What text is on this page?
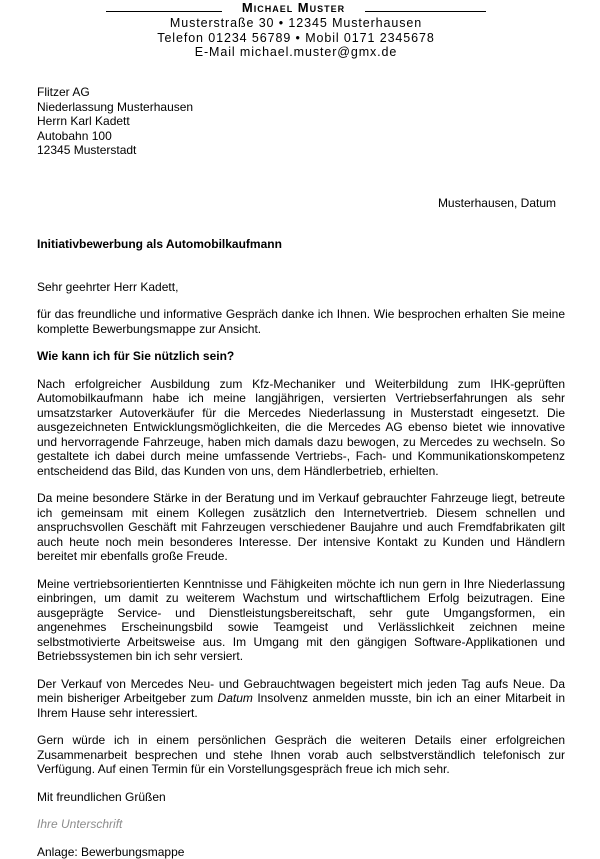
Michael Muster
Musterstraße 30 • 12345 Musterhausen
Telefon 01234 56789 • Mobil 0171 2345678
E-Mail michael.muster@gmx.de
Flitzer AG
Niederlassung Musterhausen
Herrn Karl Kadett
Autobahn 100
12345 Musterstadt
Musterhausen, Datum

Initiativbewerbung als Automobilkaufmann

Sehr geehrter Herr Kadett,

für das freundliche und informative Gespräch danke ich Ihnen. Wie besprochen erhalten Sie meine komplette Bewerbungsmappe zur Ansicht.

Wie kann ich für Sie nützlich sein?

Nach erfolgreicher Ausbildung zum Kfz-Mechaniker und Weiterbildung zum IHK-geprüften Automobilkaufmann habe ich meine langjährigen, versierten Vertriebserfahrungen als sehr umsatzstarker Autoverkäufer für die Mercedes Niederlassung in Musterstadt eingesetzt. Die ausgezeichneten Entwicklungsmöglichkeiten, die die Mercedes AG ebenso bietet wie innovative und hervorragende Fahrzeuge, haben mich damals dazu bewogen, zu Mercedes zu wechseln. So gestaltete ich dabei durch meine umfassende Vertriebs-, Fach- und Kommunikationskompetenz entscheidend das Bild, das Kunden von uns, dem Händlerbetrieb, erhielten.

Da meine besondere Stärke in der Beratung und im Verkauf gebrauchter Fahrzeuge liegt, betreute ich gemeinsam mit einem Kollegen zusätzlich den Internetvertrieb. Diesem schnellen und anspruchsvollen Geschäft mit Fahrzeugen verschiedener Baujahre und auch Fremdfabrikaten gilt auch heute noch mein besonderes Interesse. Der intensive Kontakt zu Kunden und Händlern bereitet mir ebenfalls große Freude.

Meine vertriebsorientierten Kenntnisse und Fähigkeiten möchte ich nun gern in Ihre Niederlassung einbringen, um damit zu weiterem Wachstum und wirtschaftlichem Erfolg beizutragen. Eine ausgeprägte Service- und Dienstleistungsbereitschaft, sehr gute Umgangsformen, ein angenehmes Erscheinungsbild sowie Teamgeist und Verlässlichkeit zeichnen meine selbstmotivierte Arbeitsweise aus. Im Umgang mit den gängigen Software-Applikationen und Betriebssystemen bin ich sehr versiert.

Der Verkauf von Mercedes Neu- und Gebrauchtwagen begeistert mich jeden Tag aufs Neue. Da mein bisheriger Arbeitgeber zum Datum Insolvenz anmelden musste, bin ich an einer Mitarbeit in Ihrem Hause sehr interessiert.

Gern würde ich in einem persönlichen Gespräch die weiteren Details einer erfolgreichen Zusammenarbeit besprechen und stehe Ihnen vorab auch selbstverständlich telefonisch zur Verfügung. Auf einen Termin für ein Vorstellungsgespräch freue ich mich sehr.

Mit freundlichen Grüßen

Ihre Unterschrift

Anlage: Bewerbungsmappe
